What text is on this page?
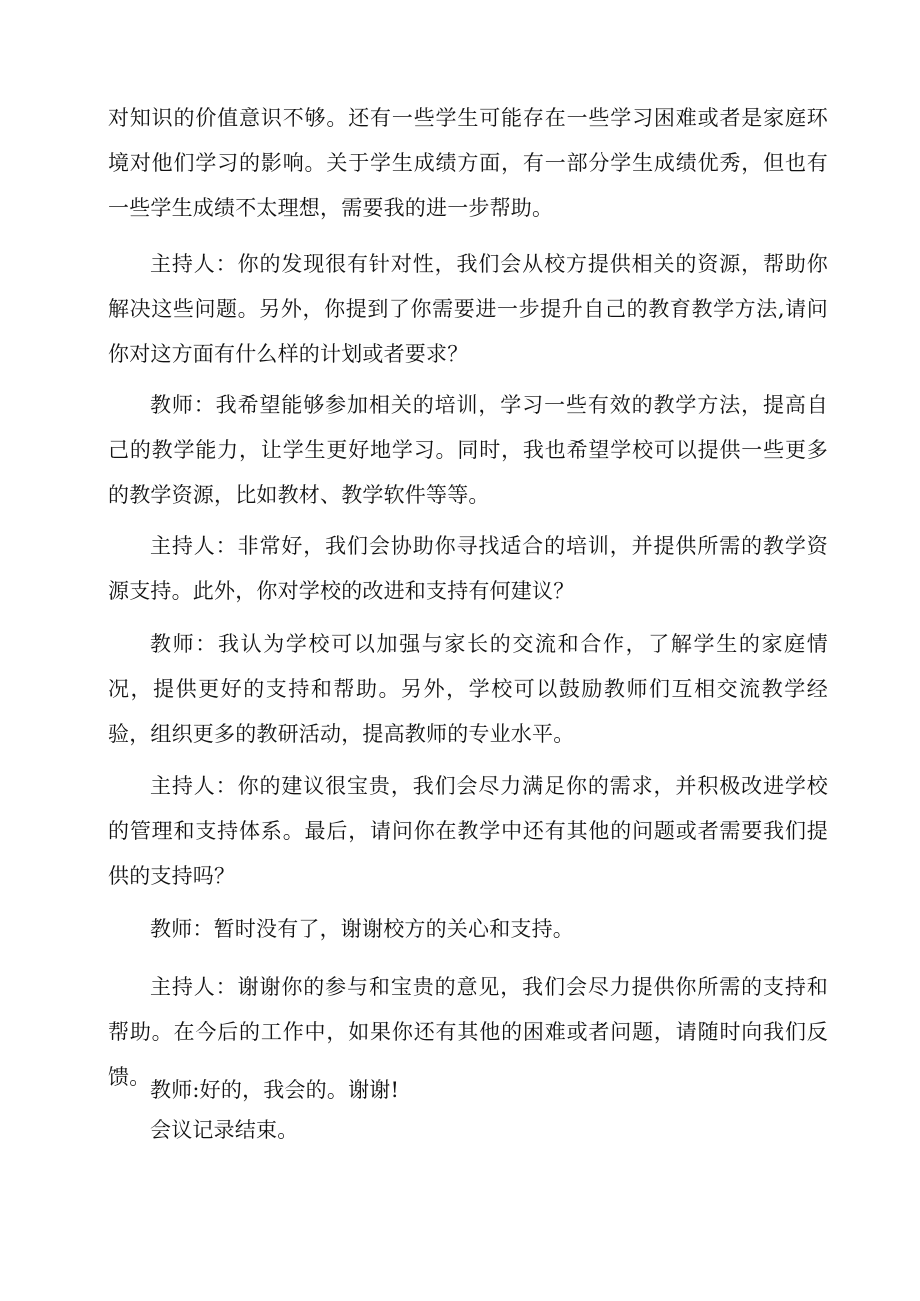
对知识的价值意识不够。还有一些学生可能存在一些学习困难或者是家庭环境对他们学习的影响。关于学生成绩方面，有一部分学生成绩优秀，但也有一些学生成绩不太理想，需要我的进一步帮助。

主持人：你的发现很有针对性，我们会从校方提供相关的资源，帮助你解决这些问题。另外，你提到了你需要进一步提升自己的教育教学方法,请问你对这方面有什么样的计划或者要求？

教师：我希望能够参加相关的培训，学习一些有效的教学方法，提高自己的教学能力，让学生更好地学习。同时，我也希望学校可以提供一些更多的教学资源，比如教材、教学软件等等。

主持人：非常好，我们会协助你寻找适合的培训，并提供所需的教学资源支持。此外，你对学校的改进和支持有何建议？

教师：我认为学校可以加强与家长的交流和合作，了解学生的家庭情况，提供更好的支持和帮助。另外，学校可以鼓励教师们互相交流教学经验，组织更多的教研活动，提高教师的专业水平。

主持人：你的建议很宝贵，我们会尽力满足你的需求，并积极改进学校的管理和支持体系。最后，请问你在教学中还有其他的问题或者需要我们提供的支持吗？

教师：暂时没有了，谢谢校方的关心和支持。

主持人：谢谢你的参与和宝贵的意见，我们会尽力提供你所需的支持和帮助。在今后的工作中，如果你还有其他的困难或者问题，请随时向我们反馈。

教师:好的，我会的。谢谢!

会议记录结束。
